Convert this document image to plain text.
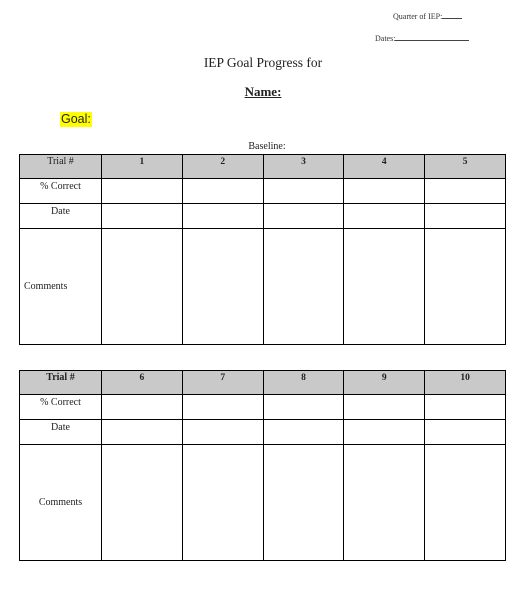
Quarter of IEP:
Dates:
IEP Goal Progress for
Name:
Goal:
Baseline:
Trial #	1	2	3	4	5
% Correct					
Date					
Comments					
Trial #	6	7	8	9	10
% Correct					
Date					
Comments					
